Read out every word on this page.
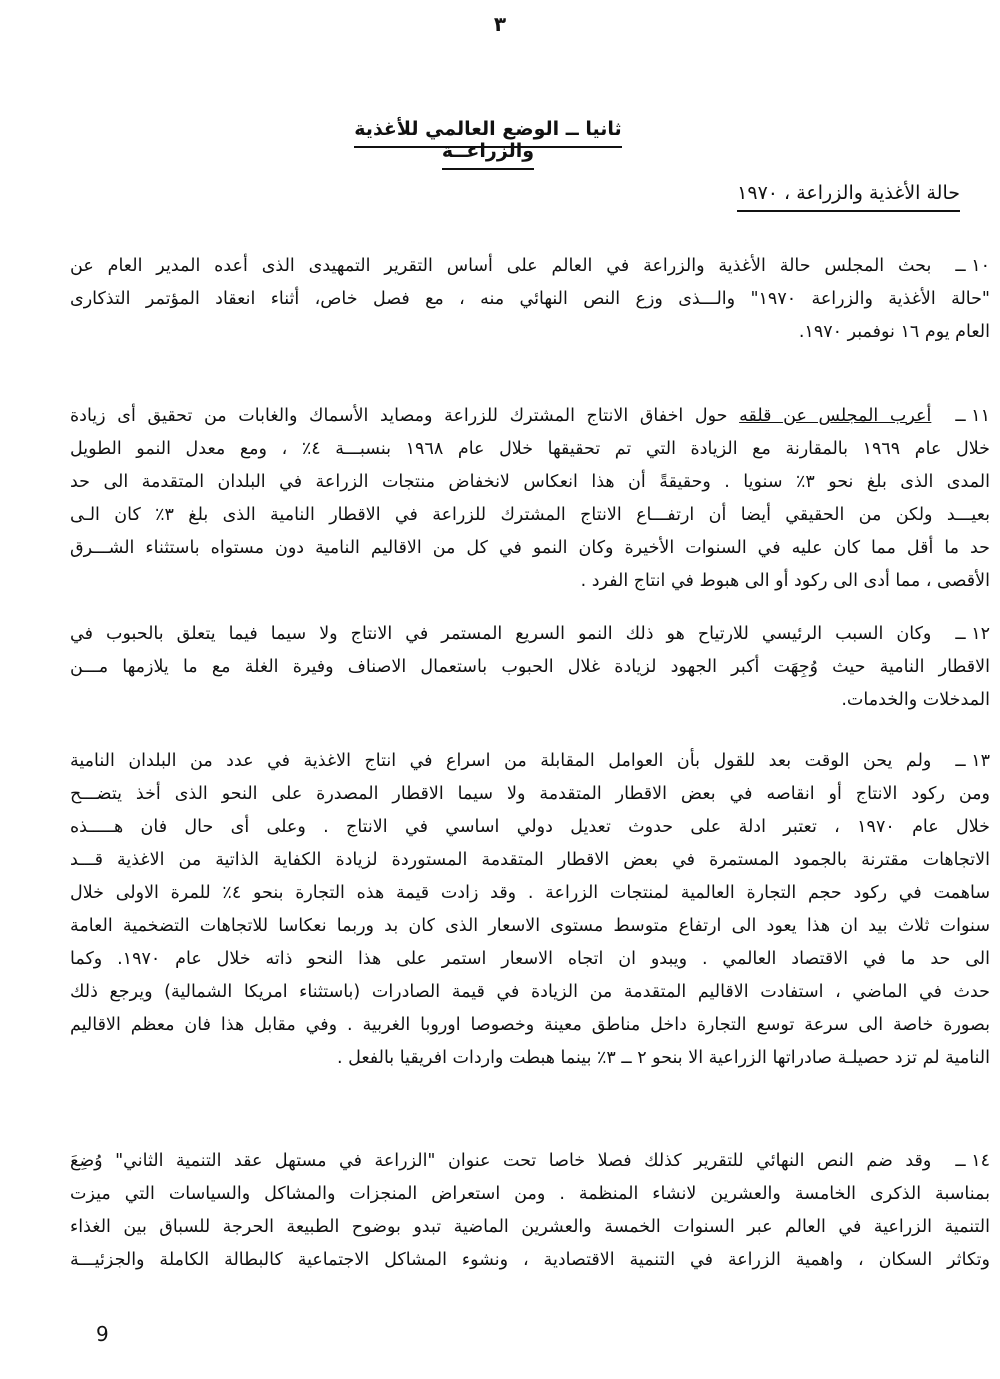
٣
ثانيا ــ الوضع العالمي للأغذية والزراعــة
حالة الأغذية والزراعة ، ١٩٧٠
١٠ ــبحث المجلس حالة الأغذية والزراعة في العالم على أساس التقرير التمهيدى الذى أعده المدير العام عن
"حالة الأغذية والزراعة ١٩٧٠" والـــذى وزع النص النهائي منه ، مع فصل خاص، أثناء انعقاد المؤتمر التذكارى
العام يوم ١٦ نوفمبر ١٩٧٠.
١١ ــأعرب المجلس عن قلقه حول اخفاق الانتاج المشترك للزراعة ومصايد الأسماك والغابات من تحقيق أى زيادة
خلال عام ١٩٦٩ بالمقارنة مع الزيادة التي تم تحقيقها خلال عام ١٩٦٨ بنسبـــة ٤٪ ، ومع معدل النمو الطويل
المدى الذى بلغ نحو ٣٪ سنويا . وحقيقةً أن هذا انعكاس لانخفاض منتجات الزراعة في البلدان المتقدمة الى حد
بعيـــد ولكن من الحقيقي أيضا أن ارتفـــاع الانتاج المشترك للزراعة في الاقطار النامية الذى بلغ ٣٪ كان الـى
حد ما أقل مما كان عليه في السنوات الأخيرة وكان النمو في كل من الاقاليم النامية دون مستواه باستثناء الشـــرق
الأقصى ، مما أدى الى ركود أو الى هبوط في انتاج الفرد .
١٢ ــوكان السبب الرئيسي للارتياح هو ذلك النمو السريع المستمر في الانتاج ولا سيما فيما يتعلق بالحبوب في
الاقطار النامية حيث وُجِهَت أكبر الجهود لزيادة غلال الحبوب باستعمال الاصناف وفيرة الغلة مع ما يلازمها مـــن
المدخلات والخدمات.
١٣ ــولم يحن الوقت بعد للقول بأن العوامل المقابلة من اسراع في انتاج الاغذية في عدد من البلدان النامية
ومن ركود الانتاج أو انقاصه في بعض الاقطار المتقدمة ولا سيما الاقطار المصدرة على النحو الذى أخذ يتضـــح
خلال عام ١٩٧٠ ، تعتبر ادلة على حدوث تعديل دولي اساسي في الانتاج . وعلى أى حال فان هـــــذه
الاتجاهات مقترنة بالجمود المستمرة في بعض الاقطار المتقدمة المستوردة لزيادة الكفاية الذاتية من الاغذية قـــد
ساهمت في ركود حجم التجارة العالمية لمنتجات الزراعة . وقد زادت قيمة هذه التجارة بنحو ٤٪ للمرة الاولى خلال
سنوات ثلاث بيد ان هذا يعود الى ارتفاع متوسط مستوى الاسعار الذى كان بد وربما نعكاسا للاتجاهات التضخمية العامة
الى حد ما في الاقتصاد العالمي . ويبدو ان اتجاه الاسعار استمر على هذا النحو ذاته خلال عام ١٩٧٠. وكما
حدث في الماضي ، استفادت الاقاليم المتقدمة من الزيادة في قيمة الصادرات (باستثناء امريكا الشمالية) ويرجع ذلك
بصورة خاصة الى سرعة توسع التجارة داخل مناطق معينة وخصوصا اوروبا الغربية . وفي مقابل هذا فان معظم الاقاليم
النامية لم تزد حصيلـة صادراتها الزراعية الا بنحو ٢ ــ ٣٪ بينما هبطت واردات افريقيا بالفعل .
١٤ ــوقد ضم النص النهائي للتقرير كذلك فصلا خاصا تحت عنوان "الزراعة في مستهل عقد التنمية الثاني" وُضِعَ
بمناسبة الذكرى الخامسة والعشرين لانشاء المنظمة . ومن استعراض المنجزات والمشاكل والسياسات التي ميزت
التنمية الزراعية في العالم عبر السنوات الخمسة والعشرين الماضية تبدو بوضوح الطبيعة الحرجة للسباق بين الغذاء
وتكاثر السكان ، واهمية الزراعة في التنمية الاقتصادية ، ونشوء المشاكل الاجتماعية كالبطالة الكاملة والجزئيـــة
9
